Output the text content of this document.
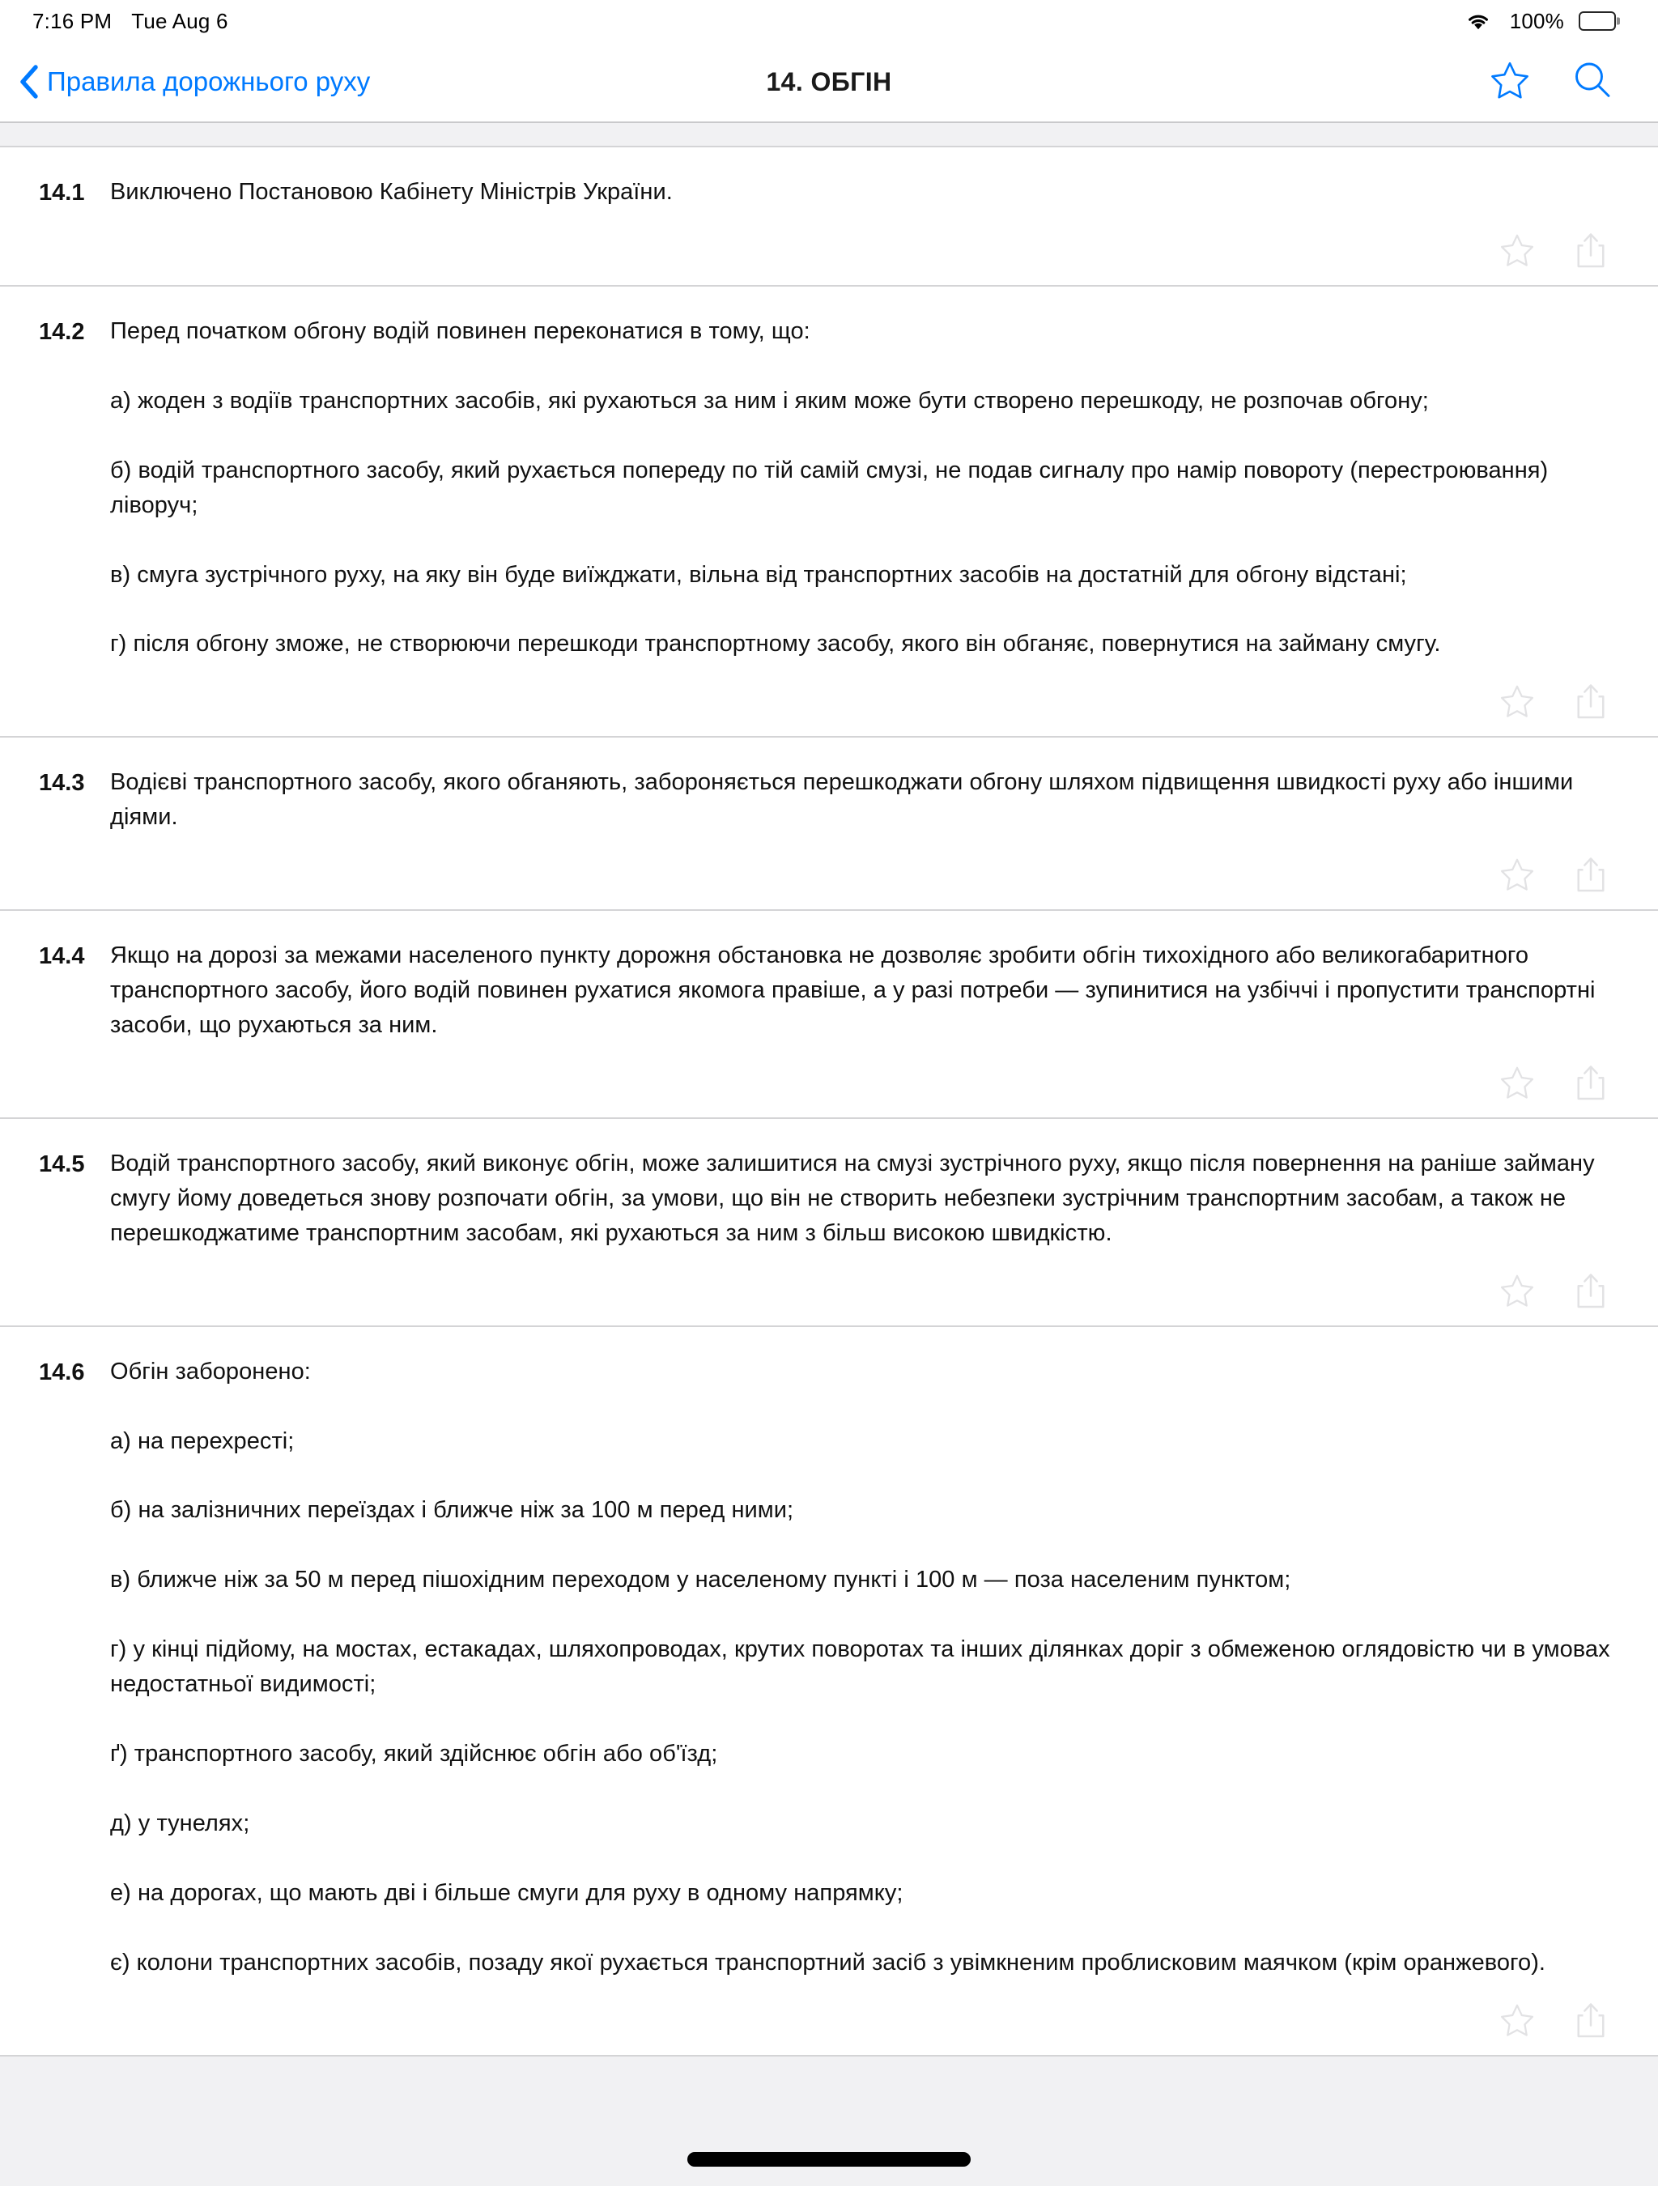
7:16 PM Tue Aug 6	100%
Правила дорожнього руху	14. ОБГІН
14.1	Виключено Постановою Кабінету Міністрів України.
14.2	Перед початком обгону водій повинен переконатися в тому, що:
а) жоден з водіїв транспортних засобів, які рухаються за ним і яким може бути створено перешкоду, не розпочав обгону;
б) водій транспортного засобу, який рухається попереду по тій самій смузі, не подав сигналу про намір повороту (перестроювання) ліворуч;
в) смуга зустрічного руху, на яку він буде виїжджати, вільна від транспортних засобів на достатній для обгону відстані;
г) після обгону зможе, не створюючи перешкоди транспортному засобу, якого він обганяє, повернутися на займану смугу.
14.3	Водієві транспортного засобу, якого обганяють, забороняється перешкоджати обгону шляхом підвищення швидкості руху або іншими діями.
14.4	Якщо на дорозі за межами населеного пункту дорожня обстановка не дозволяє зробити обгін тихохідного або великогабаритного транспортного засобу, його водій повинен рухатися якомога правіше, а у разі потреби — зупинитися на узбіччі і пропустити транспортні засоби, що рухаються за ним.
14.5	Водій транспортного засобу, який виконує обгін, може залишитися на смузі зустрічного руху, якщо після повернення на раніше займану смугу йому доведеться знову розпочати обгін, за умови, що він не створить небезпеки зустрічним транспортним засобам, а також не перешкоджатиме транспортним засобам, які рухаються за ним з більш високою швидкістю.
14.6	Обгін заборонено:
а) на перехресті;
б) на залізничних переїздах і ближче ніж за 100 м перед ними;
в) ближче ніж за 50 м перед пішохідним переходом у населеному пункті і 100 м — поза населеним пунктом;
г) у кінці підйому, на мостах, естакадах, шляхопроводах, крутих поворотах та інших ділянках доріг з обмеженою оглядовістю чи в умовах недостатньої видимості;
ґ) транспортного засобу, який здійснює обгін або об'їзд;
д) у тунелях;
е) на дорогах, що мають дві і більше смуги для руху в одному напрямку;
є) колони транспортних засобів, позаду якої рухається транспортний засіб з увімкненим проблисковим маячком (крім оранжевого).
